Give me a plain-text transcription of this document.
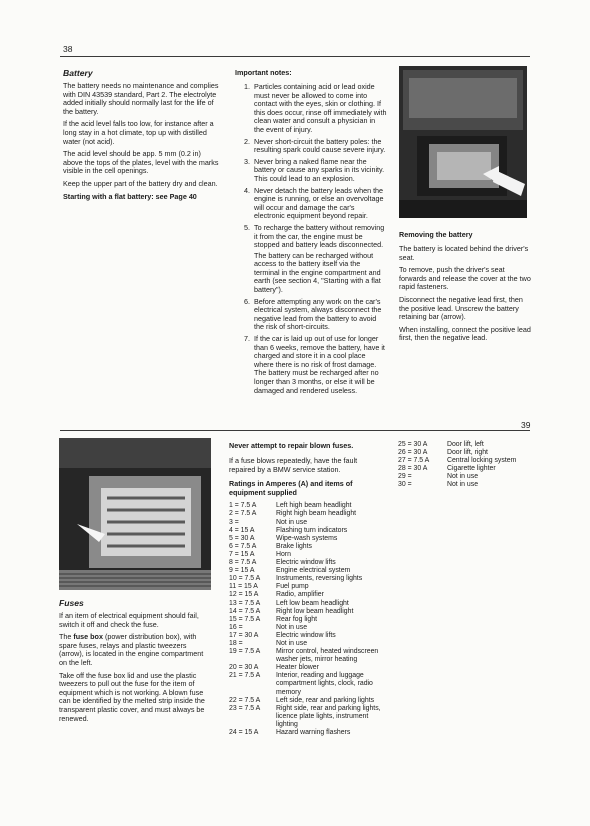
38
Battery

The battery needs no maintenance and complies with DIN 43539 standard, Part 2. The electrolyte added initially should normally last for the life of the battery.

If the acid level falls too low, for instance after a long stay in a hot climate, top up with distilled water (not acid).

The acid level should be app. 5 mm (0.2 in) above the tops of the plates, level with the marks visible in the cell openings.

Keep the upper part of the battery dry and clean.

Starting with a flat battery: see Page 40

Important notes:
1. Particles containing acid or lead oxide must never be allowed to come into contact with the eyes, skin or clothing. If this does occur, rinse off immediately with clean water and consult a physician in the event of injury.
2. Never short-circuit the battery poles: the resulting spark could cause severe injury.
3. Never bring a naked flame near the battery or cause any sparks in its vicinity. This could lead to an explosion.
4. Never detach the battery leads when the engine is running, or else an overvoltage will occur and damage the car's electronic equipment beyond repair.
5. To recharge the battery without removing it from the car, the engine must be stopped and battery leads disconnected.
The battery can be recharged without access to the battery itself via the terminal in the engine compartment and earth (see section 4, "Starting with a flat battery").
6. Before attempting any work on the car's electrical system, always disconnect the negative lead from the battery to avoid the risk of short-circuits.
7. If the car is laid up out of use for longer than 6 weeks, remove the battery, have it charged and store it in a cool place where there is no risk of frost damage. The battery must be recharged after no longer than 3 months, or else it will be damaged and rendered useless.
Removing the battery

The battery is located behind the driver's seat.

To remove, push the driver's seat forwards and release the cover at the two rapid fasteners.

Disconnect the negative lead first, then the positive lead. Unscrew the battery retaining bar (arrow).

When installing, connect the positive lead first, then the negative lead.

39
Fuses

If an item of electrical equipment should fail, switch it off and check the fuse.

The fuse box (power distribution box), with spare fuses, relays and plastic tweezers (arrow), is located in the engine compartment on the left.

Take off the fuse box lid and use the plastic tweezers to pull out the fuse for the item of equipment which is not working. A blown fuse can be identified by the melted strip inside the transparent plastic cover, and must always be renewed.

Never attempt to repair blown fuses.

If a fuse blows repeatedly, have the fault repaired by a BMW service station.

Ratings in Amperes (A) and items of equipment supplied
1 = 7.5 A	Left high beam headlight
2 = 7.5 A	Right high beam headlight
3 =	Not in use
4 = 15 A	Flashing turn indicators
5 = 30 A	Wipe-wash systems
6 = 7.5 A	Brake lights
7 = 15 A	Horn
8 = 7.5 A	Electric window lifts
9 = 15 A	Engine electrical system
10 = 7.5 A	Instruments, reversing lights
11 = 15 A	Fuel pump
12 = 15 A	Radio, amplifier
13 = 7.5 A	Left low beam headlight
14 = 7.5 A	Right low beam headlight
15 = 7.5 A	Rear fog light
16 =	Not in use
17 = 30 A	Electric window lifts
18 =	Not in use
19 = 7.5 A	Mirror control, heated windscreen washer jets, mirror heating
20 = 30 A	Heater blower
21 = 7.5 A	Interior, reading and luggage compartment lights, clock, radio memory
22 = 7.5 A	Left side, rear and parking lights
23 = 7.5 A	Right side, rear and parking lights, licence plate lights, instrument lighting
24 = 15 A	Hazard warning flashers
25 = 30 A	Door lift, left
26 = 30 A	Door lift, right
27 = 7.5 A	Central locking system
28 = 30 A	Cigarette lighter
29 =	Not in use
30 =	Not in use
